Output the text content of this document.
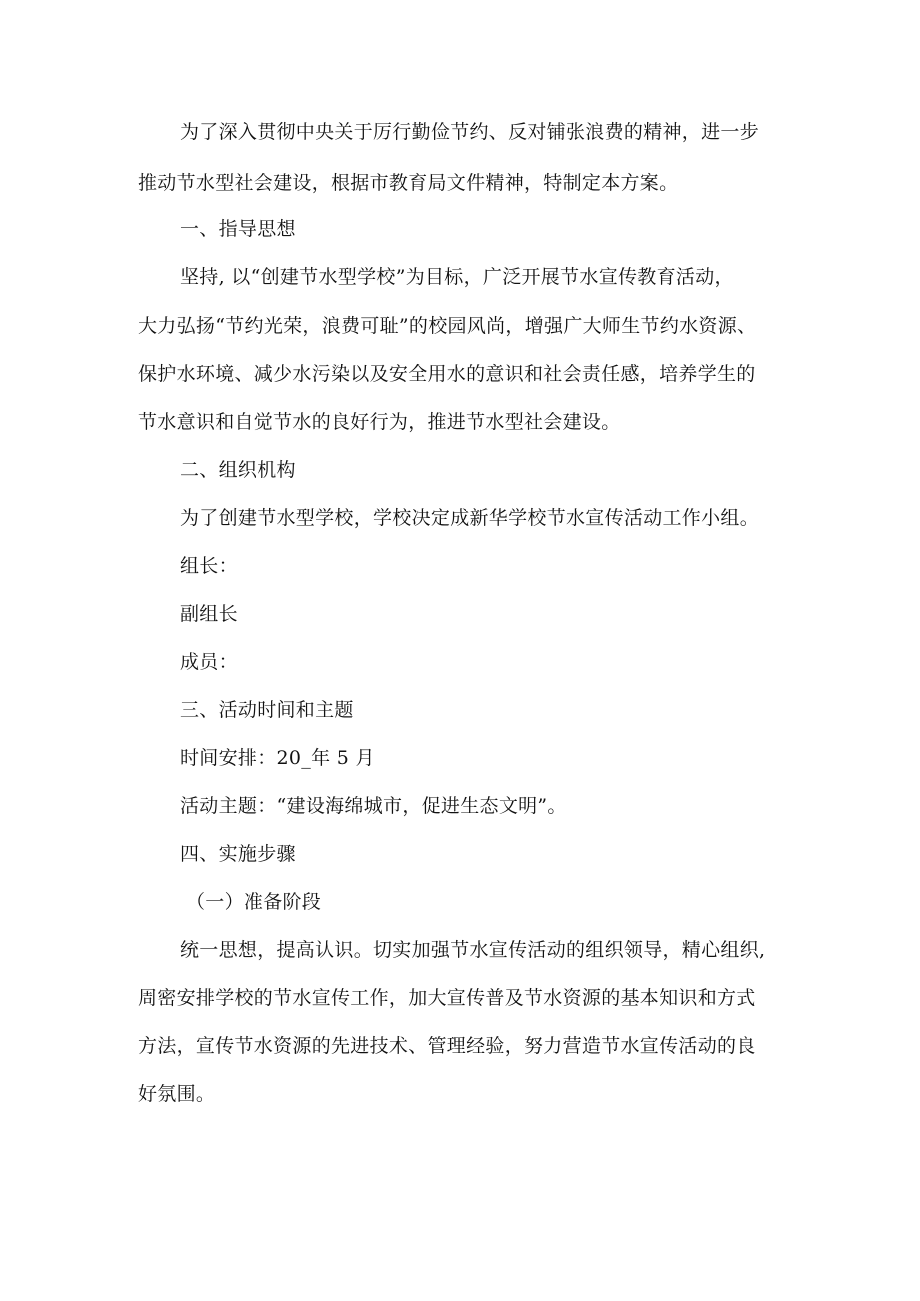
为了深入贯彻中央关于厉行勤俭节约、反对铺张浪费的精神，进一步
推动节水型社会建设，根据市教育局文件精神，特制定本方案。
一、指导思想
坚持, 以“创建节水型学校”为目标，广泛开展节水宣传教育活动，
大力弘扬“节约光荣，浪费可耻”的校园风尚，增强广大师生节约水资源、
保护水环境、减少水污染以及安全用水的意识和社会责任感，培养学生的
节水意识和自觉节水的良好行为，推进节水型社会建设。
二、组织机构
为了创建节水型学校，学校决定成新华学校节水宣传活动工作小组。
组长：
副组长
成员：
三、活动时间和主题
时间安排：20_年 5 月
活动主题：“建设海绵城市，促进生态文明”。
四、实施步骤
（一）准备阶段
统一思想，提高认识。切实加强节水宣传活动的组织领导，精心组织,
周密安排学校的节水宣传工作，加大宣传普及节水资源的基本知识和方式
方法，宣传节水资源的先进技术、管理经验，努力营造节水宣传活动的良
好氛围。
